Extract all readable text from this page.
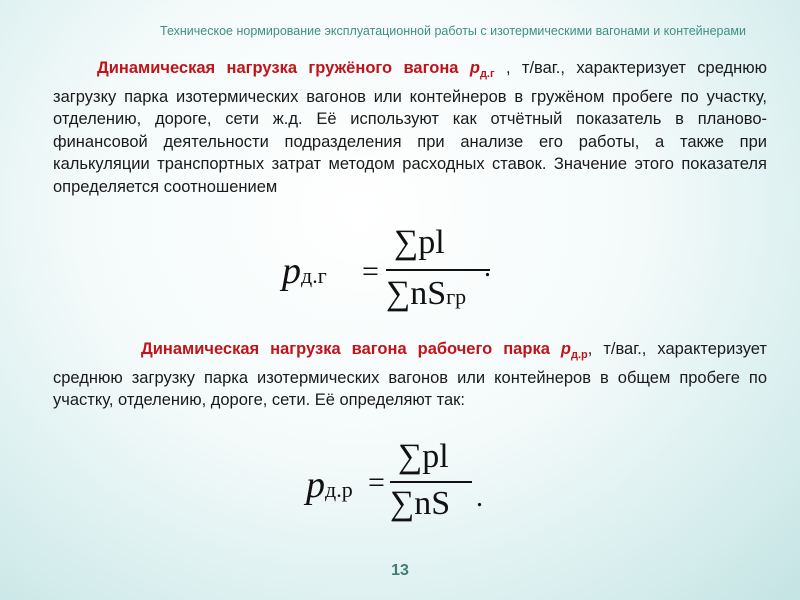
Техническое нормирование эксплуатационной работы с изотермическими вагонами и контейнерами

Динамическая нагрузка гружёного вагона $p_{д.г}$ , т/ваг., характеризует среднюю загрузку парка изотермических вагонов или контейнеров в гружёном пробеге по участку, отделению, дороге, сети ж.д. Её используют как отчётный показатель в планово-финансовой деятельности подразделения при анализе его работы, а также при калькуляции транспортных затрат методом расходных ставок. Значение этого показателя определяется соотношением

pд.г =
∑pl
∑nSгр
.

Динамическая нагрузка вагона рабочего парка $p_{д.р}$, т/ваг., характеризует среднюю загрузку парка изотермических вагонов или контейнеров в общем пробеге по участку, отделению, дороге, сети. Её определяют так:

pд.р =
∑pl
∑nS .
13
